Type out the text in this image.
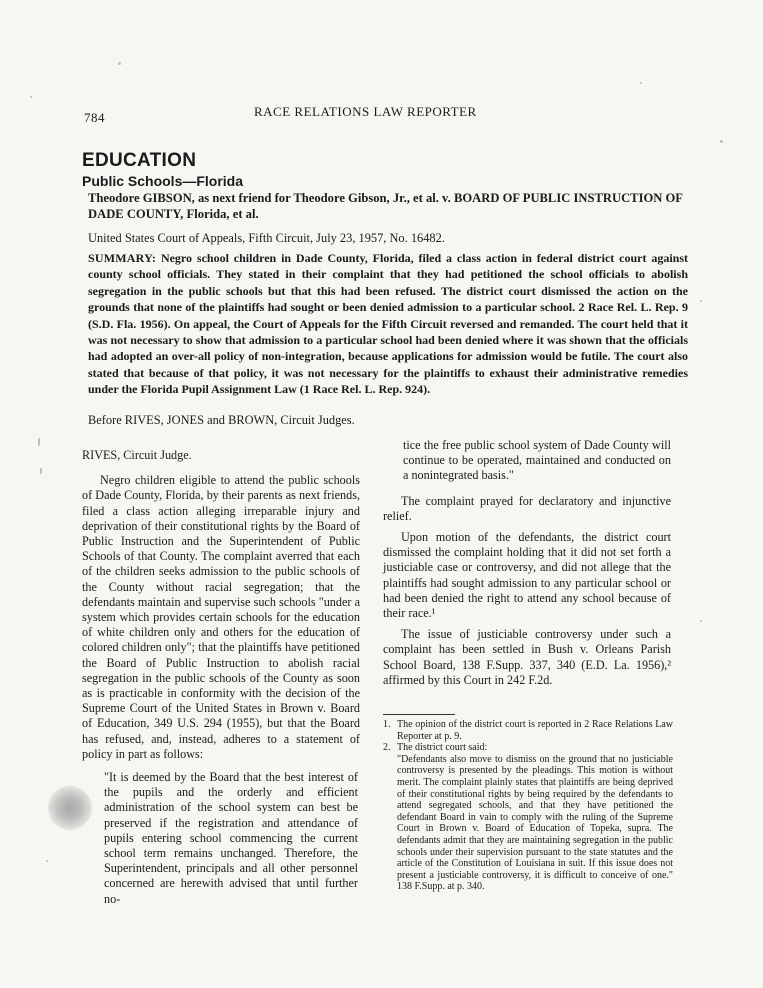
784	RACE RELATIONS LAW REPORTER
EDUCATION
Public Schools—Florida
Theodore GIBSON, as next friend for Theodore Gibson, Jr., et al. v. BOARD OF PUBLIC INSTRUCTION OF DADE COUNTY, Florida, et al.
United States Court of Appeals, Fifth Circuit, July 23, 1957, No. 16482.
SUMMARY: Negro school children in Dade County, Florida, filed a class action in federal district court against county school officials. They stated in their complaint that they had petitioned the school officials to abolish segregation in the public schools but that this had been refused. The district court dismissed the action on the grounds that none of the plaintiffs had sought or been denied admission to a particular school. 2 Race Rel. L. Rep. 9 (S.D. Fla. 1956). On appeal, the Court of Appeals for the Fifth Circuit reversed and remanded. The court held that it was not necessary to show that admission to a particular school had been denied where it was shown that the officials had adopted an over-all policy of non-integration, because applications for admission would be futile. The court also stated that because of that policy, it was not necessary for the plaintiffs to exhaust their administrative remedies under the Florida Pupil Assignment Law (1 Race Rel. L. Rep. 924).
Before RIVES, JONES and BROWN, Circuit Judges.

RIVES, Circuit Judge.

Negro children eligible to attend the public schools of Dade County, Florida, by their parents as next friends, filed a class action alleging irreparable injury and deprivation of their constitutional rights by the Board of Public Instruction and the Superintendent of Public Schools of that County. The complaint averred that each of the children seeks admission to the public schools of the County without racial segregation; that the defendants maintain and supervise such schools "under a system which provides certain schools for the education of white children only and others for the education of colored children only"; that the plaintiffs have petitioned the Board of Public Instruction to abolish racial segregation in the public schools of the County as soon as is practicable in conformity with the decision of the Supreme Court of the United States in Brown v. Board of Education, 349 U.S. 294 (1955), but that the Board has refused, and, instead, adheres to a statement of policy in part as follows:

"It is deemed by the Board that the best interest of the pupils and the orderly and efficient administration of the school system can best be preserved if the registration and attendance of pupils entering school commencing the current school term remains unchanged. Therefore, the Superintendent, principals and all other personnel concerned are herewith advised that until further no-

tice the free public school system of Dade County will continue to be operated, maintained and conducted on a nonintegrated basis."

The complaint prayed for declaratory and injunctive relief.

Upon motion of the defendants, the district court dismissed the complaint holding that it did not set forth a justiciable case or controversy, and did not allege that the plaintiffs had sought admission to any particular school or had been denied the right to attend any school because of their race.¹

The issue of justiciable controversy under such a complaint has been settled in Bush v. Orleans Parish School Board, 138 F.Supp. 337, 340 (E.D. La. 1956),² affirmed by this Court in 242 F.2d.

1. The opinion of the district court is reported in 2 Race Relations Law Reporter at p. 9.

2. The district court said:

"Defendants also move to dismiss on the ground that no justiciable controversy is presented by the pleadings. This motion is without merit. The complaint plainly states that plaintiffs are being deprived of their constitutional rights by being required by the defendants to attend segregated schools, and that they have petitioned the defendant Board in vain to comply with the ruling of the Supreme Court in Brown v. Board of Education of Topeka, supra. The defendants admit that they are maintaining segregation in the public schools under their supervision pursuant to the state statutes and the article of the Constitution of Louisiana in suit. If this issue does not present a justiciable controversy, it is difficult to conceive of one." 138 F.Supp. at p. 340.
